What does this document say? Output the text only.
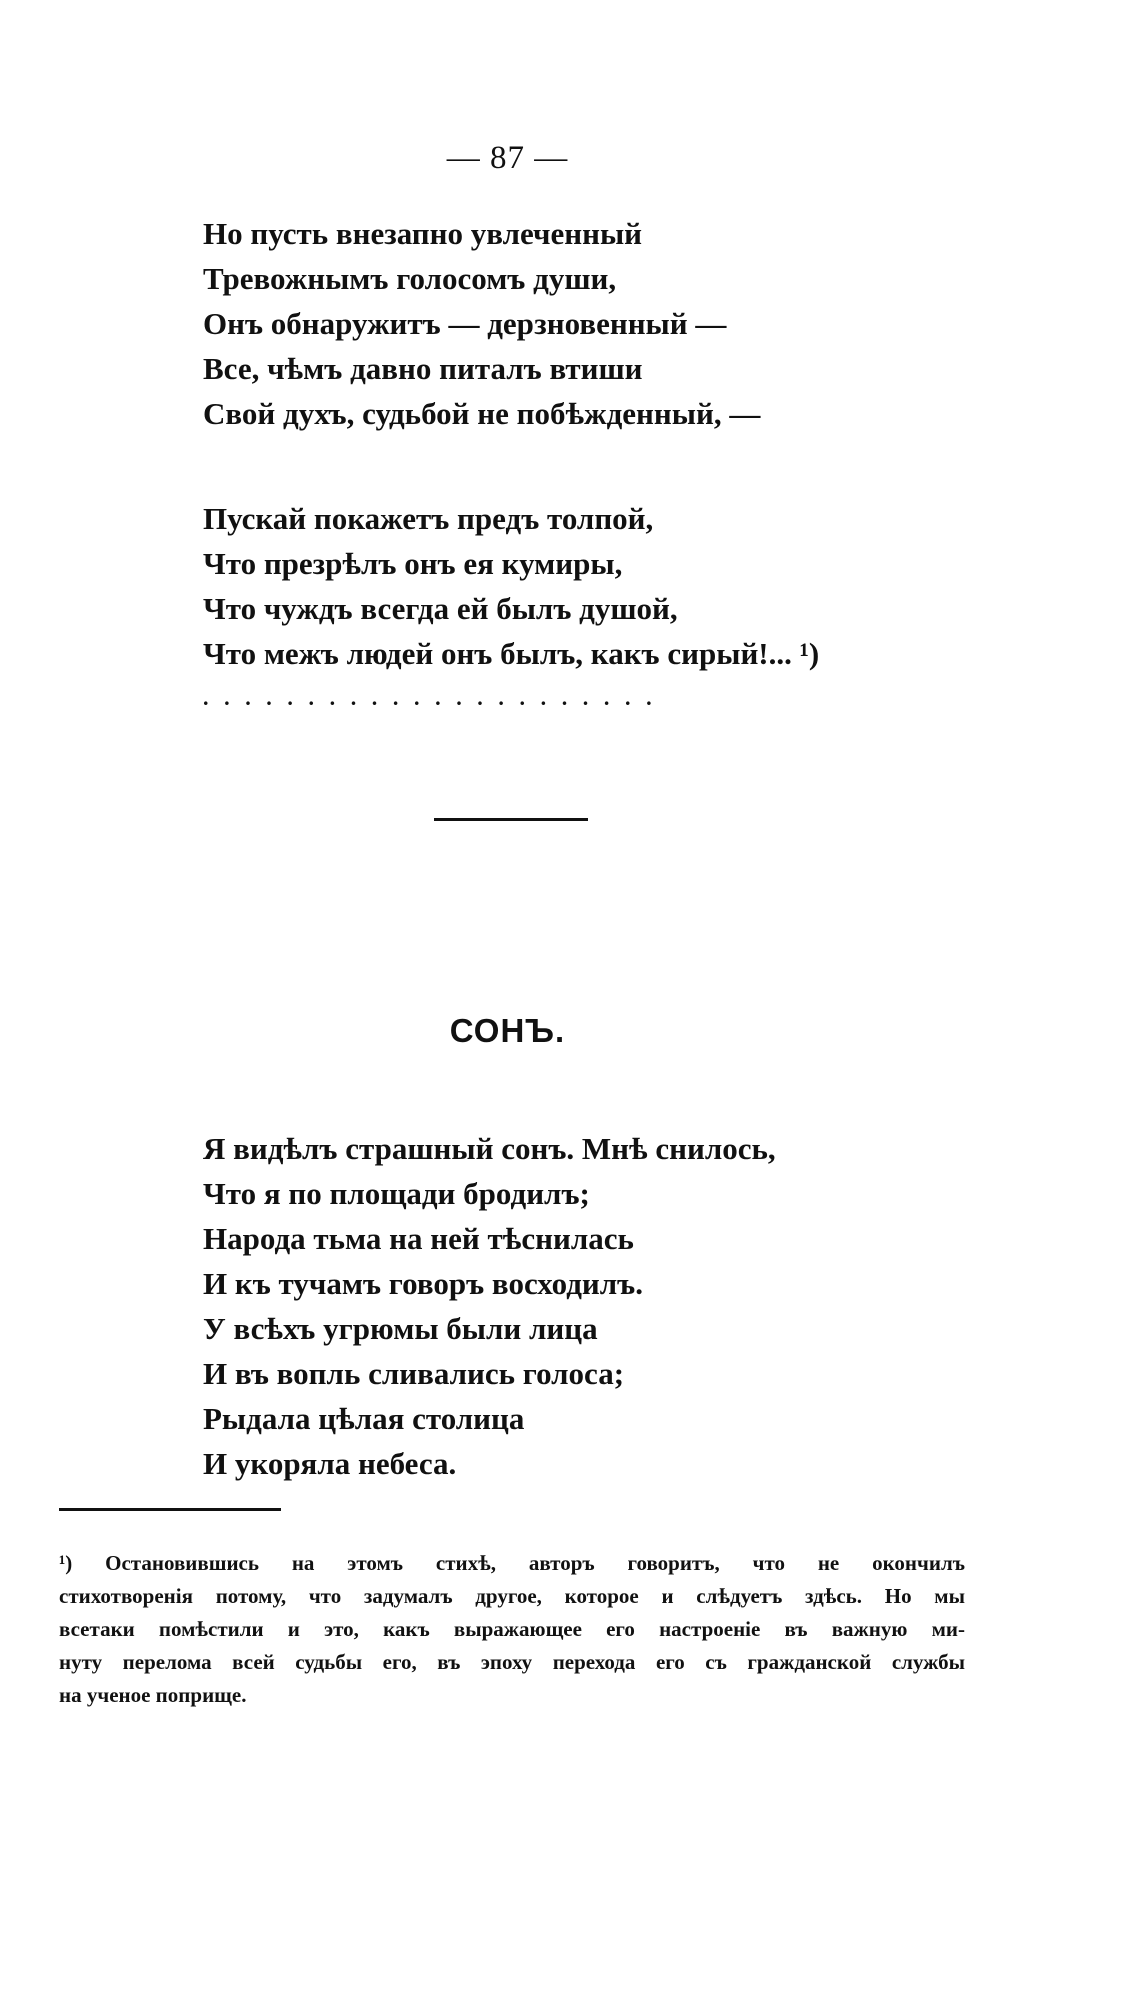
— 87 —
Но пусть внезапно увлеченный
Тревожнымъ голосомъ души,
Онъ обнаружитъ — дерзновенный —
Все, чѣмъ давно питалъ втиши
Свой духъ, судьбой не побѣжденный, —
Пускай покажетъ предъ толпой,
Что презрѣлъ онъ ея кумиры,
Что чуждъ всегда ей былъ душой,
Что межъ людей онъ былъ, какъ сирый!... ¹)
......................
СОНЪ.
Я видѣлъ страшный сонъ. Мнѣ снилось,
Что я по площади бродилъ;
Народа тьма на ней тѣснилась
И къ тучамъ говоръ восходилъ.
У всѣхъ угрюмы были лица
И въ вопль сливались голоса;
Рыдала цѣлая столица
И укоряла небеса.
¹) Остановившись на этомъ стихѣ, авторъ говоритъ, что не окончилъ
стихотворенія потому, что задумалъ другое, которое и слѣдуетъ здѣсь. Но мы
всетаки помѣстили и это, какъ выражающее его настроеніе въ важную ми-
нуту перелома всей судьбы его, въ эпоху перехода его съ гражданской службы
на ученое поприще.
